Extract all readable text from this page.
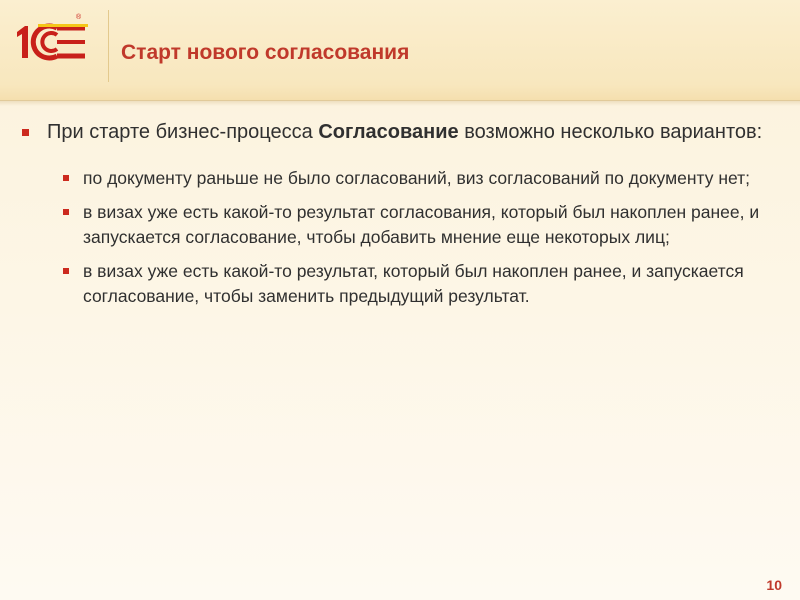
®
Старт нового согласования
При старте бизнес-процесса Согласование возможно несколько вариантов:
по документу раньше не было согласований, виз согласований по документу нет;
в визах уже есть какой-то результат согласования, который был накоплен ранее, и запускается согласование, чтобы добавить мнение еще некоторых лиц;
в визах уже есть какой-то результат, который был накоплен ранее, и запускается согласование, чтобы заменить предыдущий результат.
10
